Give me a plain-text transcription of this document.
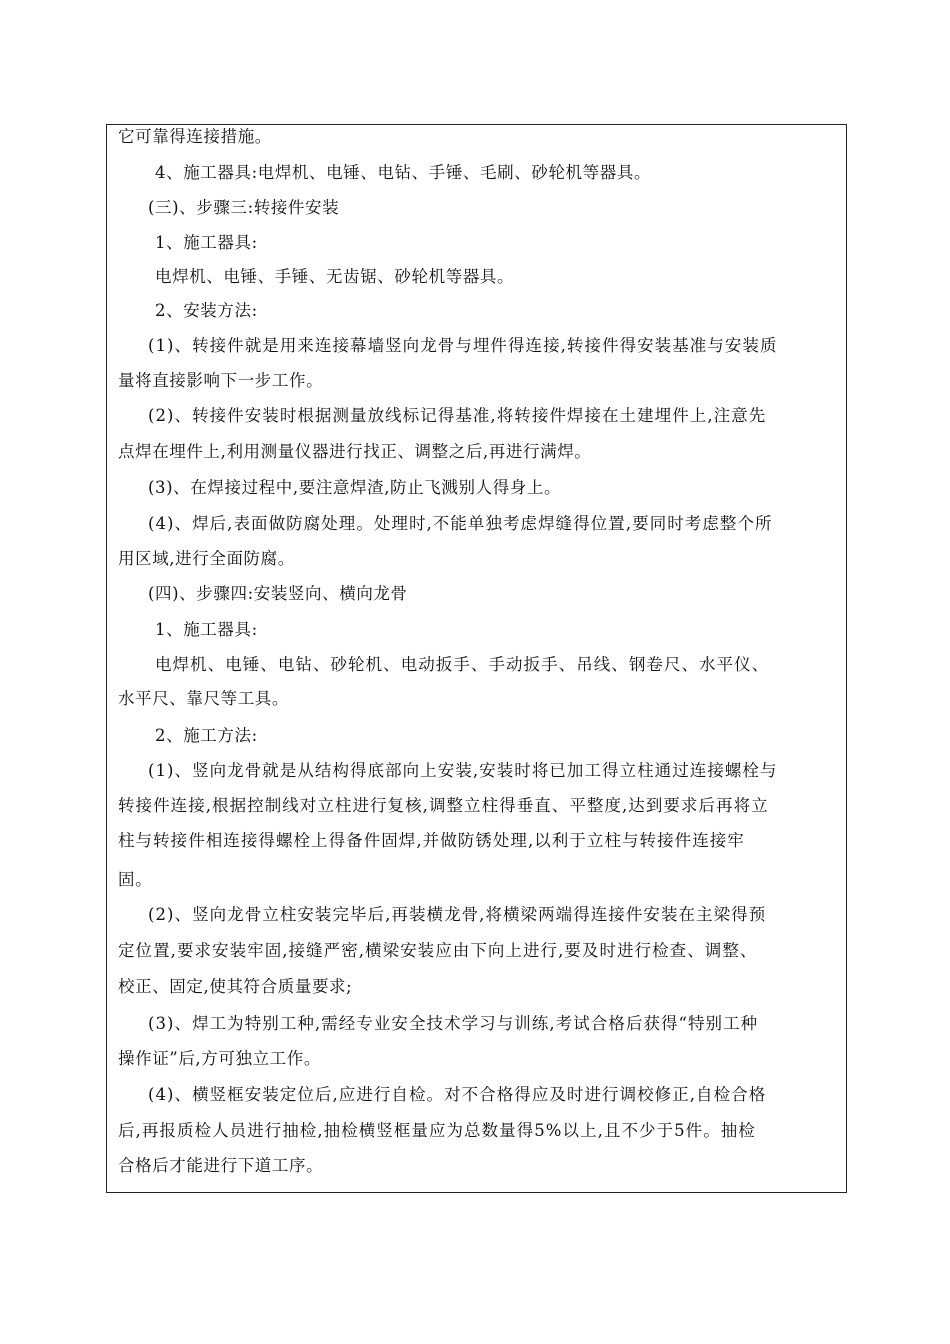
它可靠得连接措施。
4、施工器具:电焊机、电锤、电钻、手锤、毛刷、砂轮机等器具。
(三)、步骤三:转接件安装
1、施工器具:
电焊机、电锤、手锤、无齿锯、砂轮机等器具。
2、安装方法:
(1)、转接件就是用来连接幕墙竖向龙骨与埋件得连接,转接件得安装基准与安装质
量将直接影响下一步工作。
(2)、转接件安装时根据测量放线标记得基准,将转接件焊接在土建埋件上,注意先
点焊在埋件上,利用测量仪器进行找正、调整之后,再进行满焊。
(3)、在焊接过程中,要注意焊渣,防止飞溅别人得身上。
(4)、焊后,表面做防腐处理。处理时,不能单独考虑焊缝得位置,要同时考虑整个所
用区域,进行全面防腐。
(四)、步骤四:安装竖向、横向龙骨
1、施工器具:
电焊机、电锤、电钻、砂轮机、电动扳手、手动扳手、吊线、钢卷尺、水平仪、
水平尺、靠尺等工具。
2、施工方法:
(1)、竖向龙骨就是从结构得底部向上安装,安装时将已加工得立柱通过连接螺栓与
转接件连接,根据控制线对立柱进行复核,调整立柱得垂直、平整度,达到要求后再将立
柱与转接件相连接得螺栓上得备件固焊,并做防锈处理,以利于立柱与转接件连接牢
固。
(2)、竖向龙骨立柱安装完毕后,再装横龙骨,将横梁两端得连接件安装在主梁得预
定位置,要求安装牢固,接缝严密,横梁安装应由下向上进行,要及时进行检查、调整、
校正、固定,使其符合质量要求;
(3)、焊工为特别工种,需经专业安全技术学习与训练,考试合格后获得“特别工种
操作证”后,方可独立工作。
(4)、横竖框安装定位后,应进行自检。对不合格得应及时进行调校修正,自检合格
后,再报质检人员进行抽检,抽检横竖框量应为总数量得5%以上,且不少于5件。抽检
合格后才能进行下道工序。
